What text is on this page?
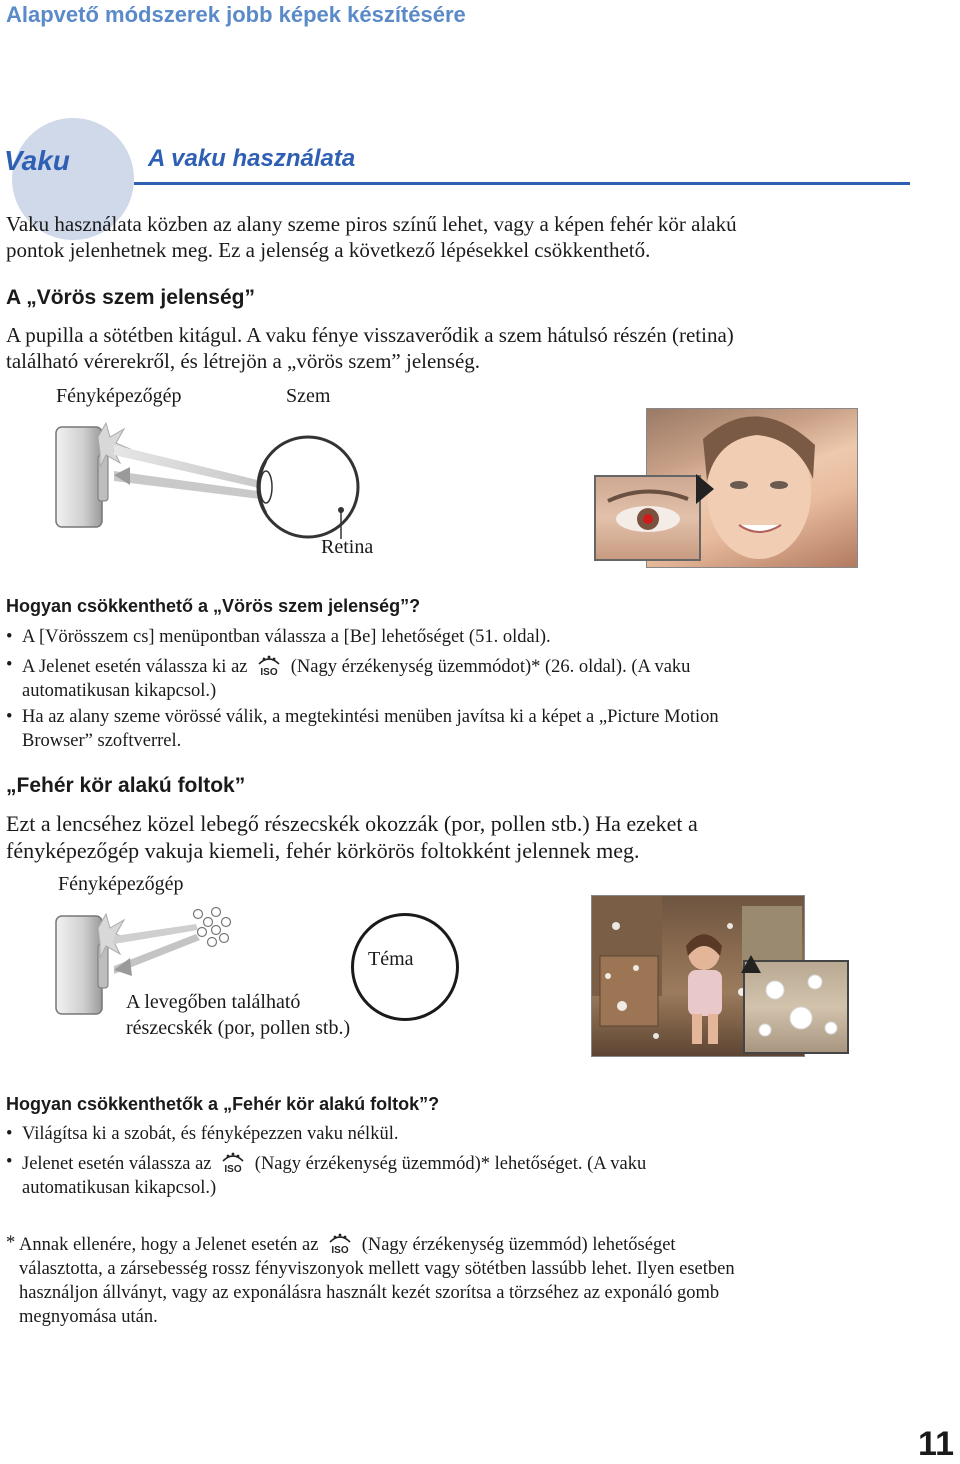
Alapvető módszerek jobb képek készítésére
Vaku	A vaku használata
Vaku használata közben az alany szeme piros színű lehet, vagy a képen fehér kör alakú
pontok jelenhetnek meg. Ez a jelenség a következő lépésekkel csökkenthető.
A „Vörös szem jelenség”
A pupilla a sötétben kitágul. A vaku fénye visszaverődik a szem hátulsó részén (retina)
található vérerekről, és létrejön a „vörös szem” jelenség.
Fényképezőgép	Szem
Retina
Hogyan csökkenthető a „Vörös szem jelenség”?
• A [Vörösszem cs] menüpontban válassza a [Be] lehetőséget (51. oldal).
• A Jelenet esetén válassza ki az ISO (Nagy érzékenység üzemmódot)* (26. oldal). (A vaku
automatikusan kikapcsol.)
• Ha az alany szeme vörössé válik, a megtekintési menüben javítsa ki a képet a „Picture Motion
Browser” szoftverrel.
„Fehér kör alakú foltok”
Ezt a lencséhez közel lebegő részecskék okozzák (por, pollen stb.) Ha ezeket a
fényképezőgép vakuja kiemeli, fehér körkörös foltokként jelennek meg.
Fényképezőgép
Téma
A levegőben található
részecskék (por, pollen stb.)
Hogyan csökkenthetők a „Fehér kör alakú foltok”?
• Világítsa ki a szobát, és fényképezzen vaku nélkül.
• Jelenet esetén válassza az ISO (Nagy érzékenység üzemmód)* lehetőséget. (A vaku
automatikusan kikapcsol.)
* Annak ellenére, hogy a Jelenet esetén az ISO (Nagy érzékenység üzemmód) lehetőséget
választotta, a zársebesség rossz fényviszonyok mellett vagy sötétben lassúbb lehet. Ilyen esetben
használjon állványt, vagy az exponálásra használt kezét szorítsa a törzséhez az exponáló gomb
megnyomása után.
11
